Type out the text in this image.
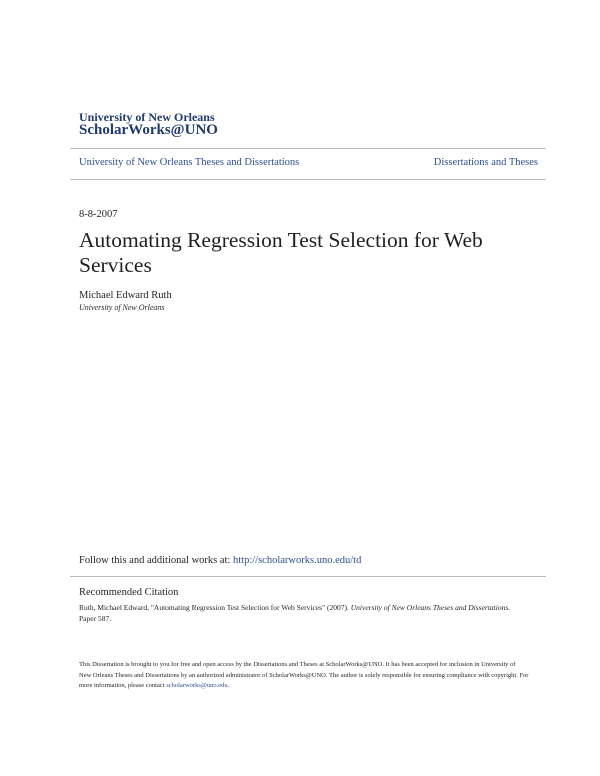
University of New Orleans
ScholarWorks@UNO
University of New Orleans Theses and Dissertations	Dissertations and Theses
8-8-2007
Automating Regression Test Selection for Web Services
Michael Edward Ruth
University of New Orleans
Follow this and additional works at: http://scholarworks.uno.edu/td
Recommended Citation
Ruth, Michael Edward, "Automating Regression Test Selection for Web Services" (2007). University of New Orleans Theses and Dissertations. Paper 587.
This Dissertation is brought to you for free and open access by the Dissertations and Theses at ScholarWorks@UNO. It has been accepted for inclusion in University of New Orleans Theses and Dissertations by an authorized administrator of ScholarWorks@UNO. The author is solely responsible for ensuring compliance with copyright. For more information, please contact scholarworks@uno.edu.
